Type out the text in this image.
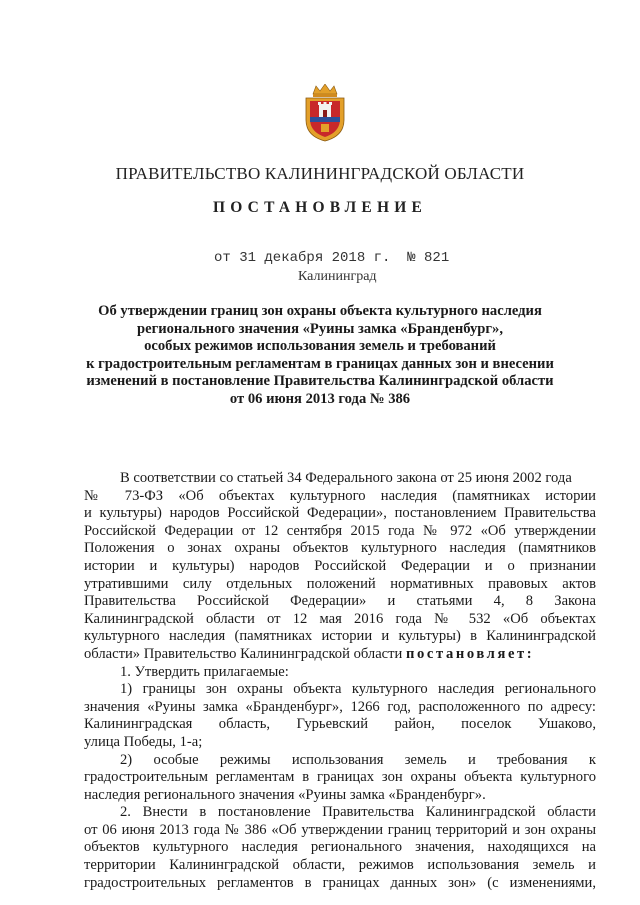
ПРАВИТЕЛЬСТВО КАЛИНИНГРАДСКОЙ ОБЛАСТИ
ПОСТАНОВЛЕНИЕ
от 31 декабря 2018 г.  № 821
Калининград
Об утверждении границ зон охраны объекта культурного наследия
регионального значения «Руины замка «Бранденбург»,
особых режимов использования земель и требований
к градостроительным регламентам в границах данных зон и внесении
изменений в постановление Правительства Калининградской области
от 06 июня 2013 года № 386
В соответствии со статьей 34 Федерального закона от 25 июня 2002 года
№ 73-ФЗ «Об объектах культурного наследия (памятниках истории
и культуры) народов Российской Федерации», постановлением Правительства
Российской Федерации от 12 сентября 2015 года № 972 «Об утверждении
Положения о зонах охраны объектов культурного наследия (памятников
истории и культуры) народов Российской Федерации и о признании
утратившими силу отдельных положений нормативных правовых актов
Правительства Российской Федерации» и статьями 4, 8 Закона
Калининградской области от 12 мая 2016 года № 532 «Об объектах
культурного наследия (памятниках истории и культуры) в Калининградской
области» Правительство Калининградской области постановляет:
1. Утвердить прилагаемые:
1) границы зон охраны объекта культурного наследия регионального
значения «Руины замка «Бранденбург», 1266 год, расположенного по адресу:
Калининградская область, Гурьевский район, поселок Ушаково,
улица Победы, 1-а;
2) особые режимы использования земель и требования к
градостроительным регламентам в границах зон охраны объекта культурного
наследия регионального значения «Руины замка «Бранденбург».
2. Внести в постановление Правительства Калининградской области
от 06 июня 2013 года № 386 «Об утверждении границ территорий и зон охраны
объектов культурного наследия регионального значения, находящихся на
территории Калининградской области, режимов использования земель и
градостроительных регламентов в границах данных зон» (с изменениями,
